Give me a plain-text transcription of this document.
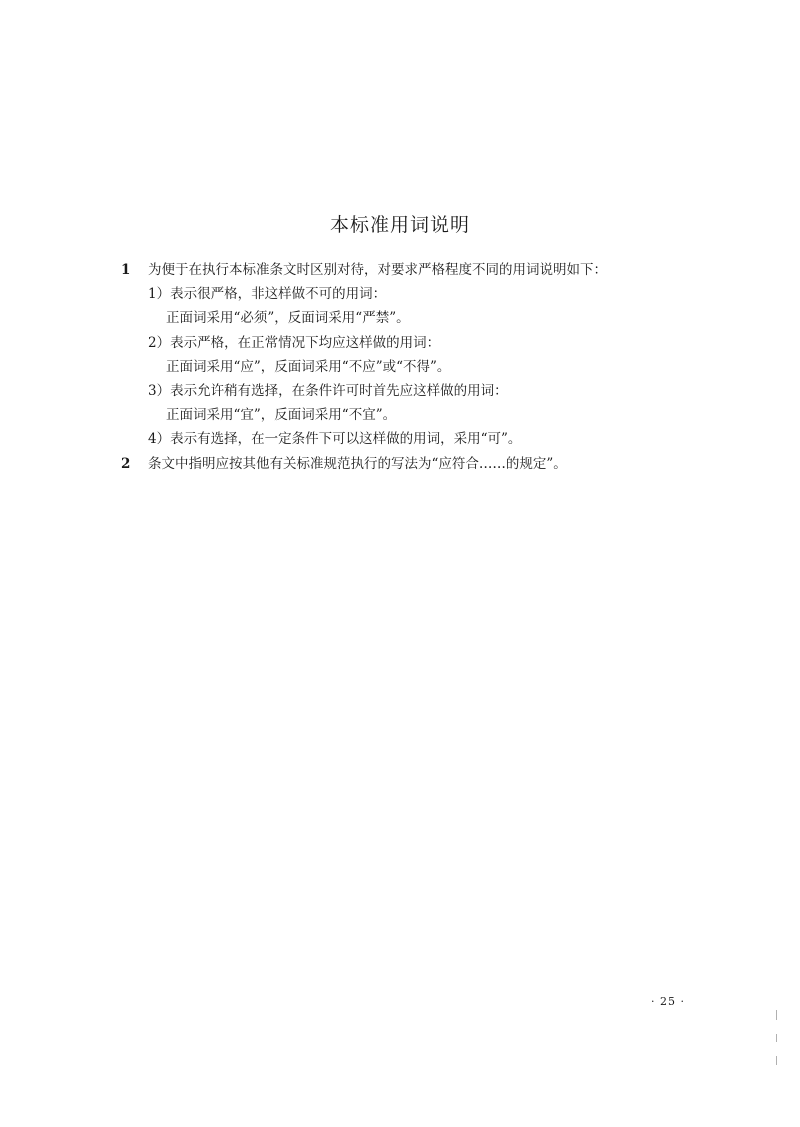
本标准用词说明
1	为便于在执行本标准条文时区别对待，对要求严格程度不同的用词说明如下：
1）表示很严格，非这样做不可的用词：
正面词采用“必须”，反面词采用“严禁”。
2）表示严格，在正常情况下均应这样做的用词：
正面词采用“应”，反面词采用“不应”或“不得”。
3）表示允许稍有选择，在条件许可时首先应这样做的用词：
正面词采用“宜”，反面词采用“不宜”。
4）表示有选择，在一定条件下可以这样做的用词，采用“可”。
2	条文中指明应按其他有关标准规范执行的写法为“应符合……的规定”。
· 25 ·
